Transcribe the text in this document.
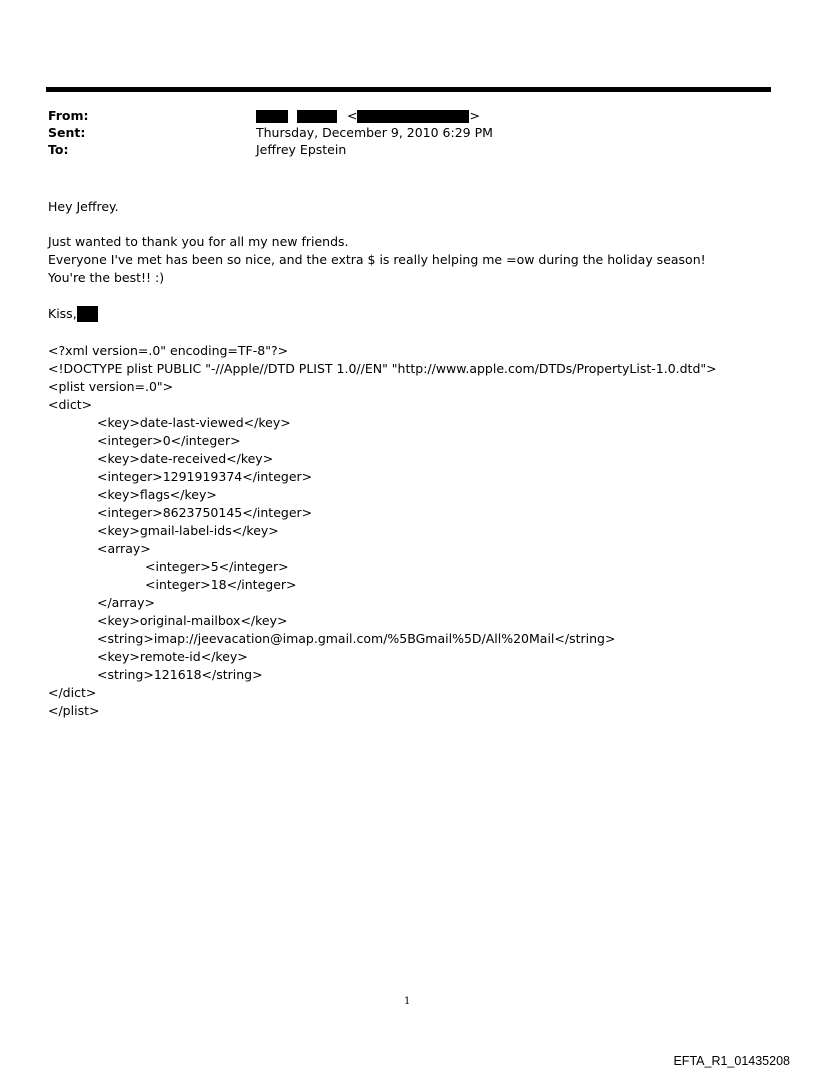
From:
Sent:
To:
<	>
Thursday, December 9, 2010 6:29 PM
Jeffrey Epstein
Hey Jeffrey.
Just wanted to thank you for all my new friends.
Everyone I've met has been so nice, and the extra $ is really helping me =ow during the holiday season!
You're the best!! :)
Kiss,
<?xml version=.0" encoding=TF-8"?>
<!DOCTYPE plist PUBLIC "-//Apple//DTD PLIST 1.0//EN" "http://www.apple.com/DTDs/PropertyList-1.0.dtd">
<plist version=.0">
<dict>
<key>date-last-viewed</key>
<integer>0</integer>
<key>date-received</key>
<integer>1291919374</integer>
<key>flags</key>
<integer>8623750145</integer>
<key>gmail-label-ids</key>
<array>
<integer>5</integer>
<integer>18</integer>
</array>
<key>original-mailbox</key>
<string>imap://jeevacation@imap.gmail.com/%5BGmail%5D/All%20Mail</string>
<key>remote-id</key>
<string>121618</string>
</dict>
</plist>
1
EFTA_R1_01435208
